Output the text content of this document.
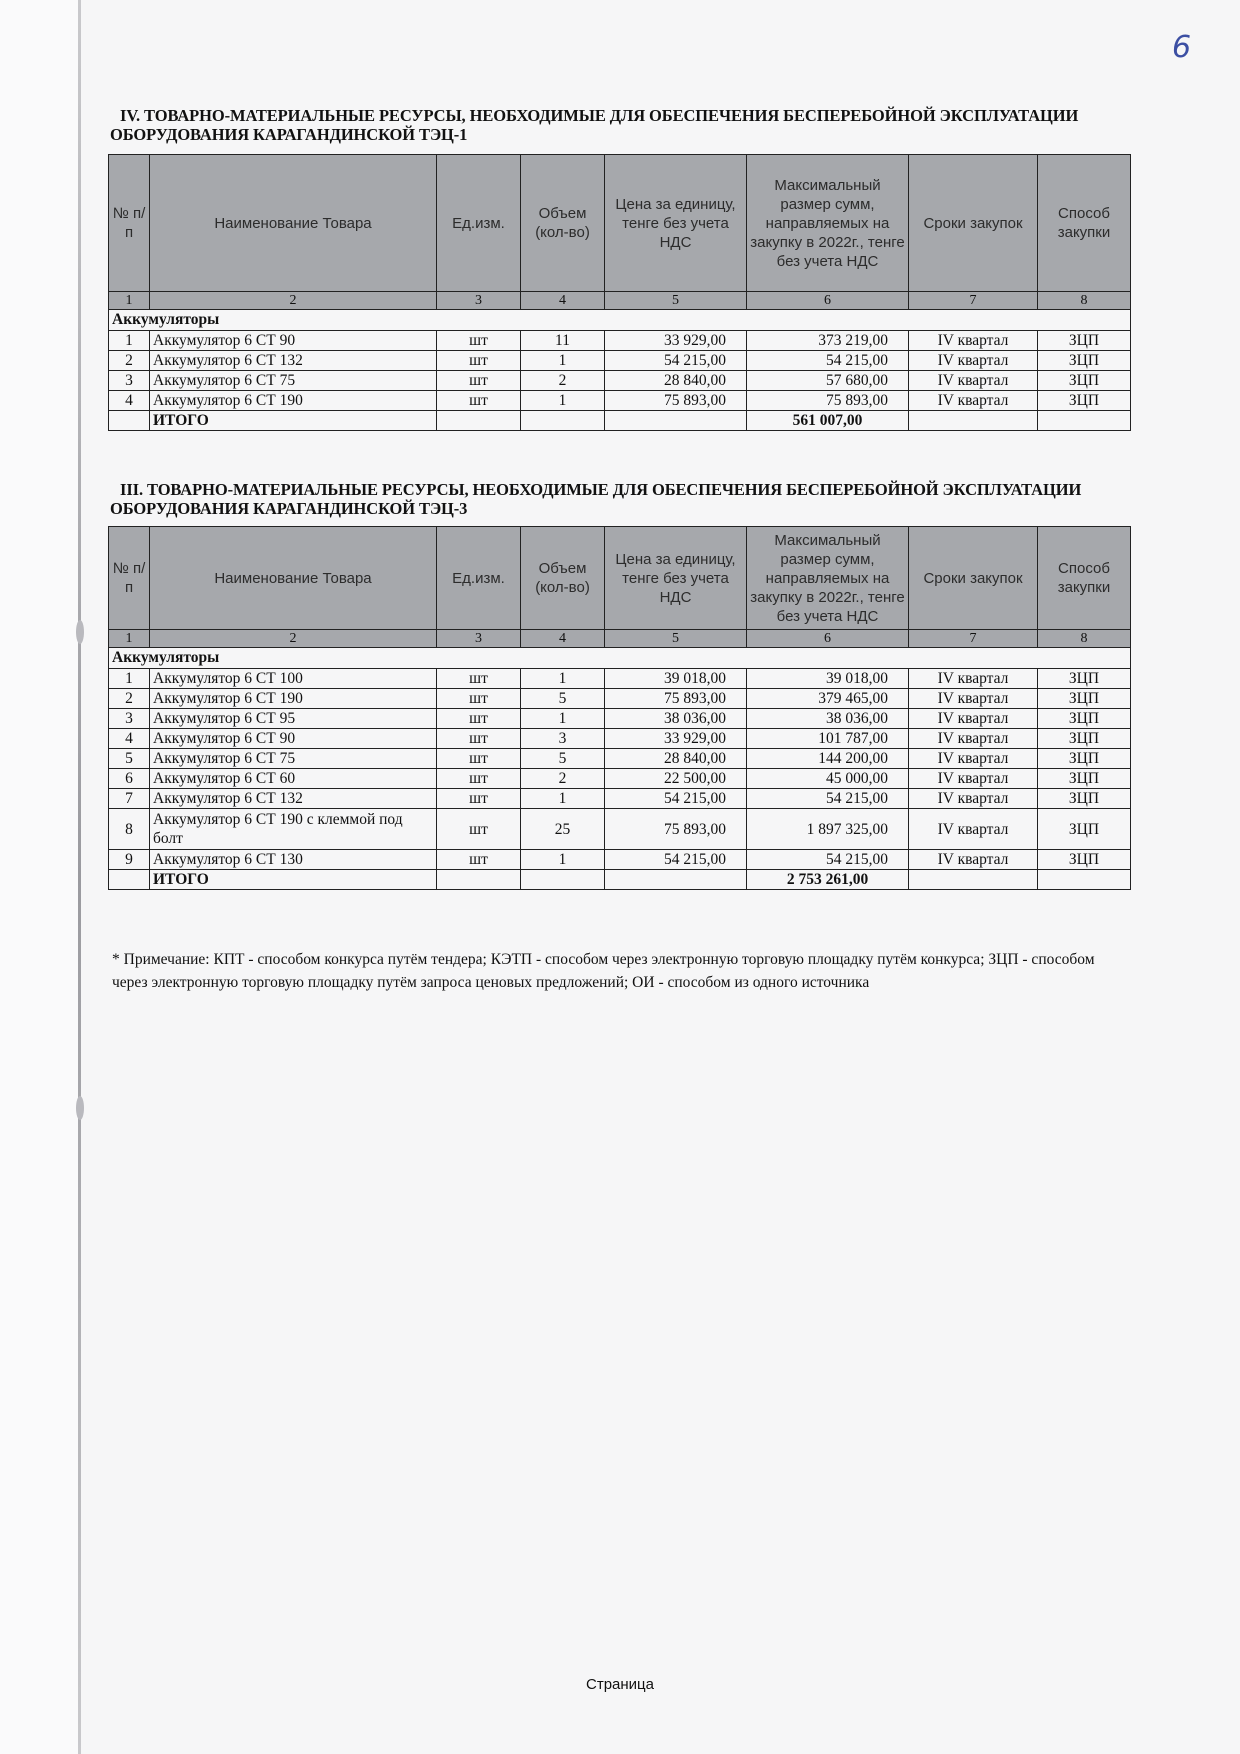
6
IV. ТОВАРНО-МАТЕРИАЛЬНЫЕ РЕСУРСЫ, НЕОБХОДИМЫЕ ДЛЯ ОБЕСПЕЧЕНИЯ БЕСПЕРЕБОЙНОЙ ЭКСПЛУАТАЦИИ ОБОРУДОВАНИЯ КАРАГАНДИНСКОЙ ТЭЦ-1
№ п/п	Наименование Товара	Ед.изм.	Объем (кол-во)	Цена за единицу, тенге без учета НДС	Максимальный размер сумм, направляемых на закупку в 2022г., тенге без учета НДС	Сроки закупок	Способ закупки
1	2	3	4	5	6	7	8
Аккумуляторы							
1	Аккумулятор 6 СТ 90	шт	11	33 929,00	373 219,00	IV квартал	ЗЦП
2	Аккумулятор 6 СТ 132	шт	1	54 215,00	54 215,00	IV квартал	ЗЦП
3	Аккумулятор 6 СТ 75	шт	2	28 840,00	57 680,00	IV квартал	ЗЦП
4	Аккумулятор 6 СТ 190	шт	1	75 893,00	75 893,00	IV квартал	ЗЦП
	ИТОГО				561 007,00		
III. ТОВАРНО-МАТЕРИАЛЬНЫЕ РЕСУРСЫ, НЕОБХОДИМЫЕ ДЛЯ ОБЕСПЕЧЕНИЯ БЕСПЕРЕБОЙНОЙ ЭКСПЛУАТАЦИИ ОБОРУДОВАНИЯ КАРАГАНДИНСКОЙ ТЭЦ-3
№ п/п	Наименование Товара	Ед.изм.	Объем (кол-во)	Цена за единицу, тенге без учета НДС	Максимальный размер сумм, направляемых на закупку в 2022г., тенге без учета НДС	Сроки закупок	Способ закупки
1	2	3	4	5	6	7	8
Аккумуляторы							
1	Аккумулятор 6 СТ 100	шт	1	39 018,00	39 018,00	IV квартал	ЗЦП
2	Аккумулятор 6 СТ 190	шт	5	75 893,00	379 465,00	IV квартал	ЗЦП
3	Аккумулятор 6 СТ 95	шт	1	38 036,00	38 036,00	IV квартал	ЗЦП
4	Аккумулятор 6 СТ 90	шт	3	33 929,00	101 787,00	IV квартал	ЗЦП
5	Аккумулятор 6 СТ 75	шт	5	28 840,00	144 200,00	IV квартал	ЗЦП
6	Аккумулятор 6 СТ 60	шт	2	22 500,00	45 000,00	IV квартал	ЗЦП
7	Аккумулятор 6 СТ 132	шт	1	54 215,00	54 215,00	IV квартал	ЗЦП
8	Аккумулятор 6 СТ 190 с клеммой под болт	шт	25	75 893,00	1 897 325,00	IV квартал	ЗЦП
9	Аккумулятор 6 СТ 130	шт	1	54 215,00	54 215,00	IV квартал	ЗЦП
	ИТОГО				2 753 261,00		
* Примечание: КПТ - способом конкурса путём тендера; КЭТП - способом через электронную торговую площадку путём конкурса; ЗЦП - способом через электронную торговую площадку путём запроса ценовых предложений; ОИ - способом из одного источника
Страница
